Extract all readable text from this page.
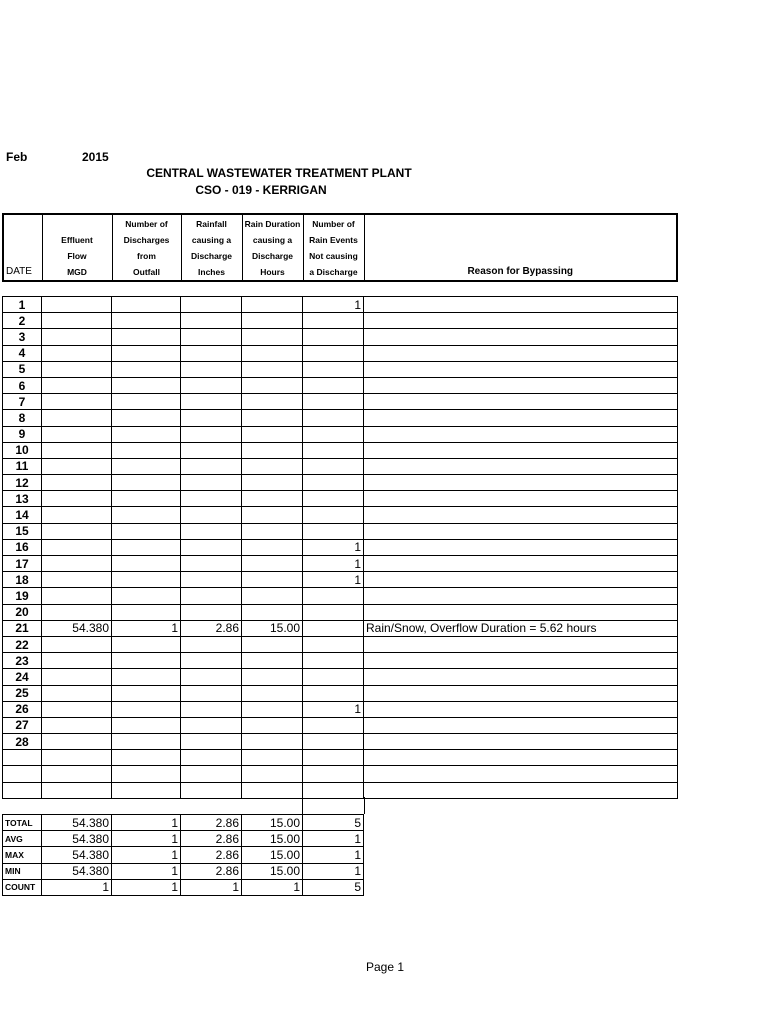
Feb	2015
CENTRAL WASTEWATER TREATMENT PLANT
CSO - 019 - KERRIGAN
DATE	
Effluent
Flow
MGD

Number of
Discharges
from
Outfall

Rainfall
causing a
Discharge
Inches

Rain Duration
causing a
Discharge
Hours

Number of
Rain Events
Not causing
a Discharge	Reason for Bypassing
1					1	
2						
3						
4						
5						
6						
7						
8						
9						
10						
11						
12						
13						
14						
15						
16					1	
17					1	
18					1	
19						
20						
21	54.380	1	2.86	15.00		Rain/Snow, Overflow Duration = 5.62 hours
22						
23						
24						
25						
26					1	
27						
28						

TOTAL	54.380	1	2.86	15.00	5
AVG	54.380	1	2.86	15.00	1
MAX	54.380	1	2.86	15.00	1
MIN	54.380	1	2.86	15.00	1
COUNT	1	1	1	1	5
Page 1
